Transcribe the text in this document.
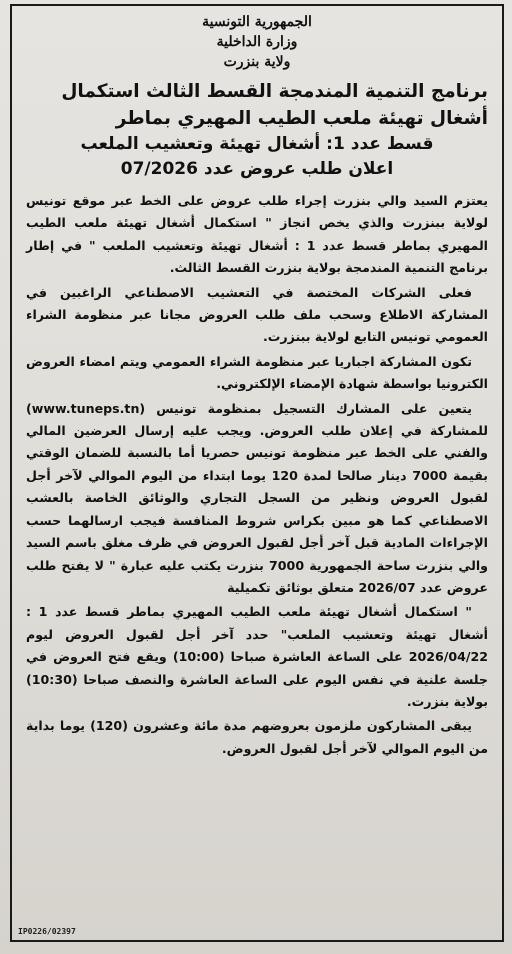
الجمهورية التونسية

وزارة الداخلية

ولاية بنزرت

برنامج التنمية المندمجة القسط الثالث استكمال أشغال تهيئة ملعب الطيب المهيري بماطر

قسط عدد 1: أشغال تهيئة وتعشيب الملعب

اعلان طلب عروض عدد 07/2026

يعتزم السيد والي بنزرت إجراء طلب عروض على الخط عبر موقع تونيس لولاية ببنزرت والذي يخص انجاز " استكمال أشغال تهيئة ملعب الطيب المهيري بماطر قسط عدد 1 : أشغال تهيئة وتعشيب الملعب " في إطار برنامج التنمية المندمجة بولاية بنزرت القسط الثالث.

فعلى الشركات المختصة في التعشيب الاصطناعي الراغبين في المشاركة الاطلاع وسحب ملف طلب العروض مجانا عبر منظومة الشراء العمومي تونيس التابع لولاية ببنزرت.

تكون المشاركة اجباريا عبر منظومة الشراء العمومي ويتم امضاء العروض الكترونيا بواسطة شهادة الإمضاء الإلكتروني.

يتعين على المشارك التسجيل بمنظومة تونيس (www.tuneps.tn) للمشاركة في إعلان طلب العروض. ويجب عليه إرسال العرضين المالي والفني على الخط عبر منظومة تونيس حصريا أما بالنسبة للضمان الوقتي بقيمة 7000 دينار صالحا لمدة 120 يوما ابتداء من اليوم الموالي لآخر أجل لقبول العروض ونظير من السجل التجاري والوثائق الخاصة بالعشب الاصطناعي كما هو مبين بكراس شروط المنافسة فيجب ارسالهما حسب الإجراءات المادية قبل آخر أجل لقبول العروض في ظرف مغلق باسم السيد والي بنزرت ساحة الجمهورية 7000 بنزرت يكتب عليه عبارة " لا يفتح طلب عروض عدد 2026/07 متعلق بوثائق تكميلية

" استكمال أشغال تهيئة ملعب الطيب المهيري بماطر قسط عدد 1 : أشغال تهيئة وتعشيب الملعب" حدد آخر أجل لقبول العروض ليوم 2026/04/22 على الساعة العاشرة صباحا (10:00) ويقع فتح العروض في جلسة علنية في نفس اليوم على الساعة العاشرة والنصف صباحا (10:30) بولاية بنزرت.

يبقى المشاركون ملزمون بعروضهم مدة مائة وعشرون (120) يوما بداية من اليوم الموالي لآخر أجل لقبول العروض.

IP0226/02397
